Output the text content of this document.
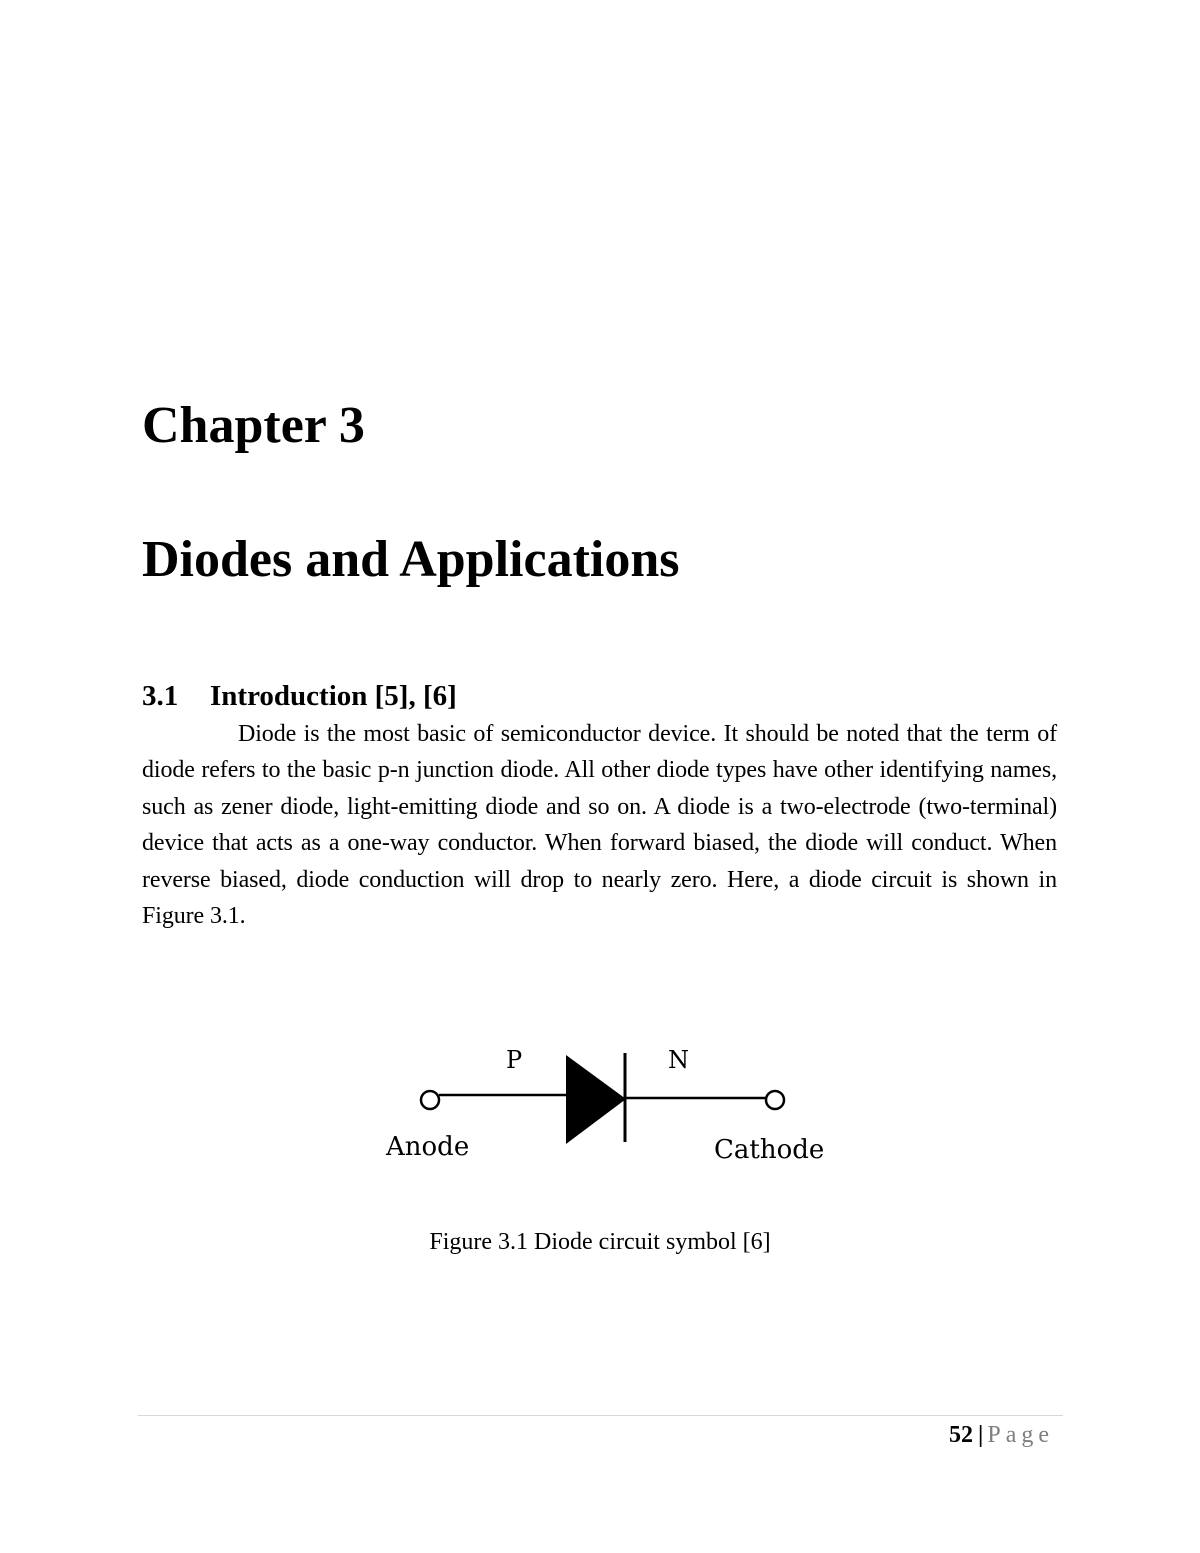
Chapter 3
Diodes and Applications
3.1 Introduction [5], [6]

Diode is the most basic of semiconductor device. It should be noted that the term of diode refers to the basic p-n junction diode. All other diode types have other identifying names, such as zener diode, light-emitting diode and so on. A diode is a two-electrode (two-terminal) device that acts as a one-way conductor. When forward biased, the diode will conduct. When reverse biased, diode conduction will drop to nearly zero. Here, a diode circuit is shown in Figure 3.1.

P	N
Anode	Cathode

Figure 3.1 Diode circuit symbol [6]

52 | Page
